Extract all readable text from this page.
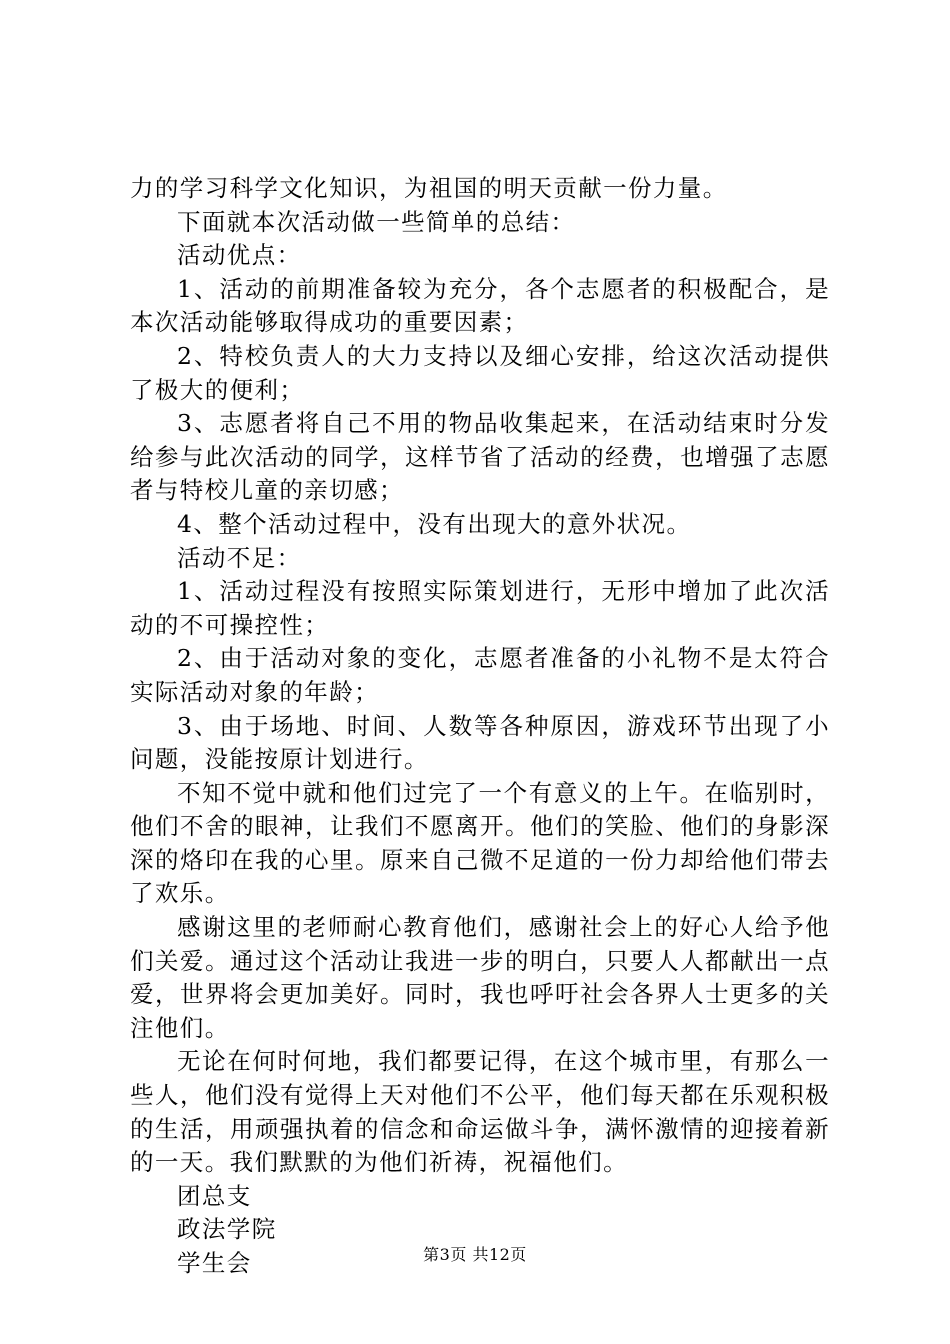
力的学习科学文化知识，为祖国的明天贡献一份力量。

下面就本次活动做一些简单的总结：

活动优点：

1、活动的前期准备较为充分，各个志愿者的积极配合，是本次活动能够取得成功的重要因素；

2、特校负责人的大力支持以及细心安排，给这次活动提供了极大的便利；

3、志愿者将自己不用的物品收集起来，在活动结束时分发给参与此次活动的同学，这样节省了活动的经费，也增强了志愿者与特校儿童的亲切感；

4、整个活动过程中，没有出现大的意外状况。

活动不足：

1、活动过程没有按照实际策划进行，无形中增加了此次活动的不可操控性；

2、由于活动对象的变化，志愿者准备的小礼物不是太符合实际活动对象的年龄；

3、由于场地、时间、人数等各种原因，游戏环节出现了小问题，没能按原计划进行。

不知不觉中就和他们过完了一个有意义的上午。在临别时，他们不舍的眼神，让我们不愿离开。他们的笑脸、他们的身影深深的烙印在我的心里。原来自己微不足道的一份力却给他们带去了欢乐。

感谢这里的老师耐心教育他们，感谢社会上的好心人给予他们关爱。通过这个活动让我进一步的明白，只要人人都献出一点爱，世界将会更加美好。同时，我也呼吁社会各界人士更多的关注他们。

无论在何时何地，我们都要记得，在这个城市里，有那么一些人，他们没有觉得上天对他们不公平，他们每天都在乐观积极的生活，用顽强执着的信念和命运做斗争，满怀激情的迎接着新的一天。我们默默的为他们祈祷，祝福他们。

团总支

政法学院

学生会	第3页 共12页
